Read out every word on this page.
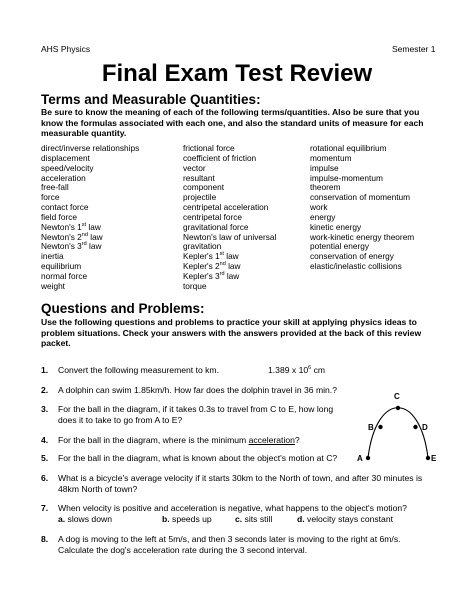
AHS Physics	Semester 1
Final Exam Test Review
Terms and Measurable Quantities:
Be sure to know the meaning of each of the following terms/quantities. Also be sure that you know the formulas associated with each one, and also the standard units of measure for each measurable quantity.
direct/inverse relationships
displacement
speed/velocity
acceleration
free-fall
force
contact force
field force
Newton's 1st law
Newton's 2nd law
Newton's 3rd law
inertia
equilibrium
normal force
weight
frictional force
coefficient of friction
vector
resultant
component
projectile
centripetal acceleration
centripetal force
gravitational force
Newton's law of universal
gravitation
Kepler's 1st law
Kepler's 2nd law
Kepler's 3rd law
torque
rotational equilibrium
momentum
impulse
impulse-momentum
theorem
conservation of momentum
work
energy
kinetic energy
work-kinetic energy theorem
potential energy
conservation of energy
elastic/inelastic collisions
Questions and Problems:
Use the following questions and problems to practice your skill at applying physics ideas to problem situations. Check your answers with the answers provided at the back of this review packet.
1. Convert the following measurement to km.	1.389 x $10^6$ cm
2. A dolphin can swim 1.85km/h. How far does the dolphin travel in 36 min.?
3. For the ball in the diagram, if it takes 0.3s to travel from C to E, how long
does it to take to go from A to E?
4. For the ball in the diagram, where is the minimum acceleration?
5. For the ball in the diagram, what is known about the object's motion at C?
6. What is a bicycle's average velocity if it starts 30km to the North of town, and after 30 minutes is
48km North of town?
7. When velocity is positive and acceleration is negative, what happens to the object's motion?
a. slows down	b. speeds up	c. sits still	d. velocity stays constant
8. A dog is moving to the left at 5m/s, and then 3 seconds later is moving to the right at 6m/s.
Calculate the dog's acceleration rate during the 3 second interval.
A
B
C
D
E
